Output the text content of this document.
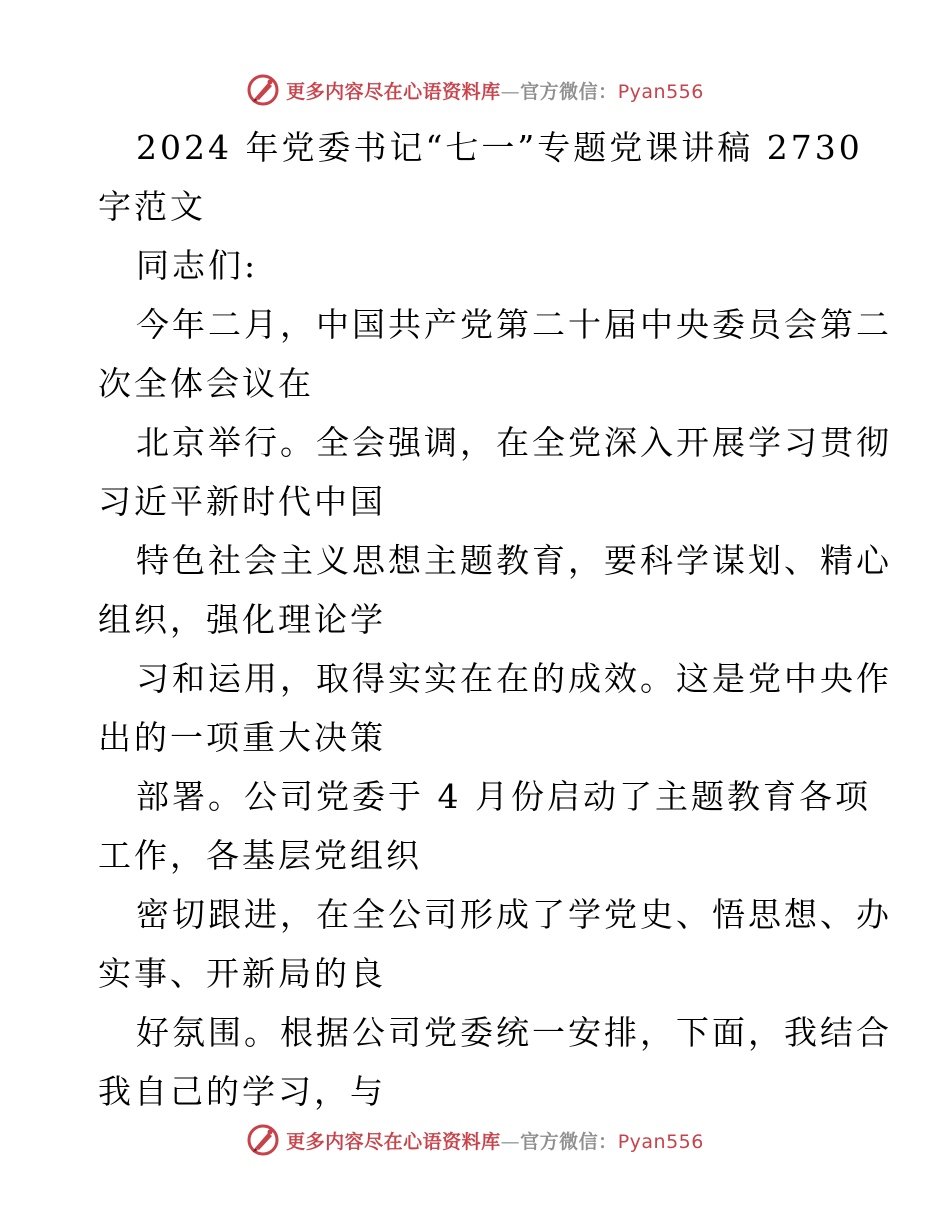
更多内容尽在心语资料库—官方微信：Pyan556
2024 年党委书记“七一”专题党课讲稿 2730
字范文
同志们:
今年二月，中国共产党第二十届中央委员会第二
次全体会议在
北京举行。全会强调，在全党深入开展学习贯彻
习近平新时代中国
特色社会主义思想主题教育，要科学谋划、精心
组织，强化理论学
习和运用，取得实实在在的成效。这是党中央作
出的一项重大决策
部署。公司党委于 4 月份启动了主题教育各项
工作，各基层党组织
密切跟进，在全公司形成了学党史、悟思想、办
实事、开新局的良
好氛围。根据公司党委统一安排，下面，我结合
我自己的学习，与
更多内容尽在心语资料库—官方微信：Pyan556
